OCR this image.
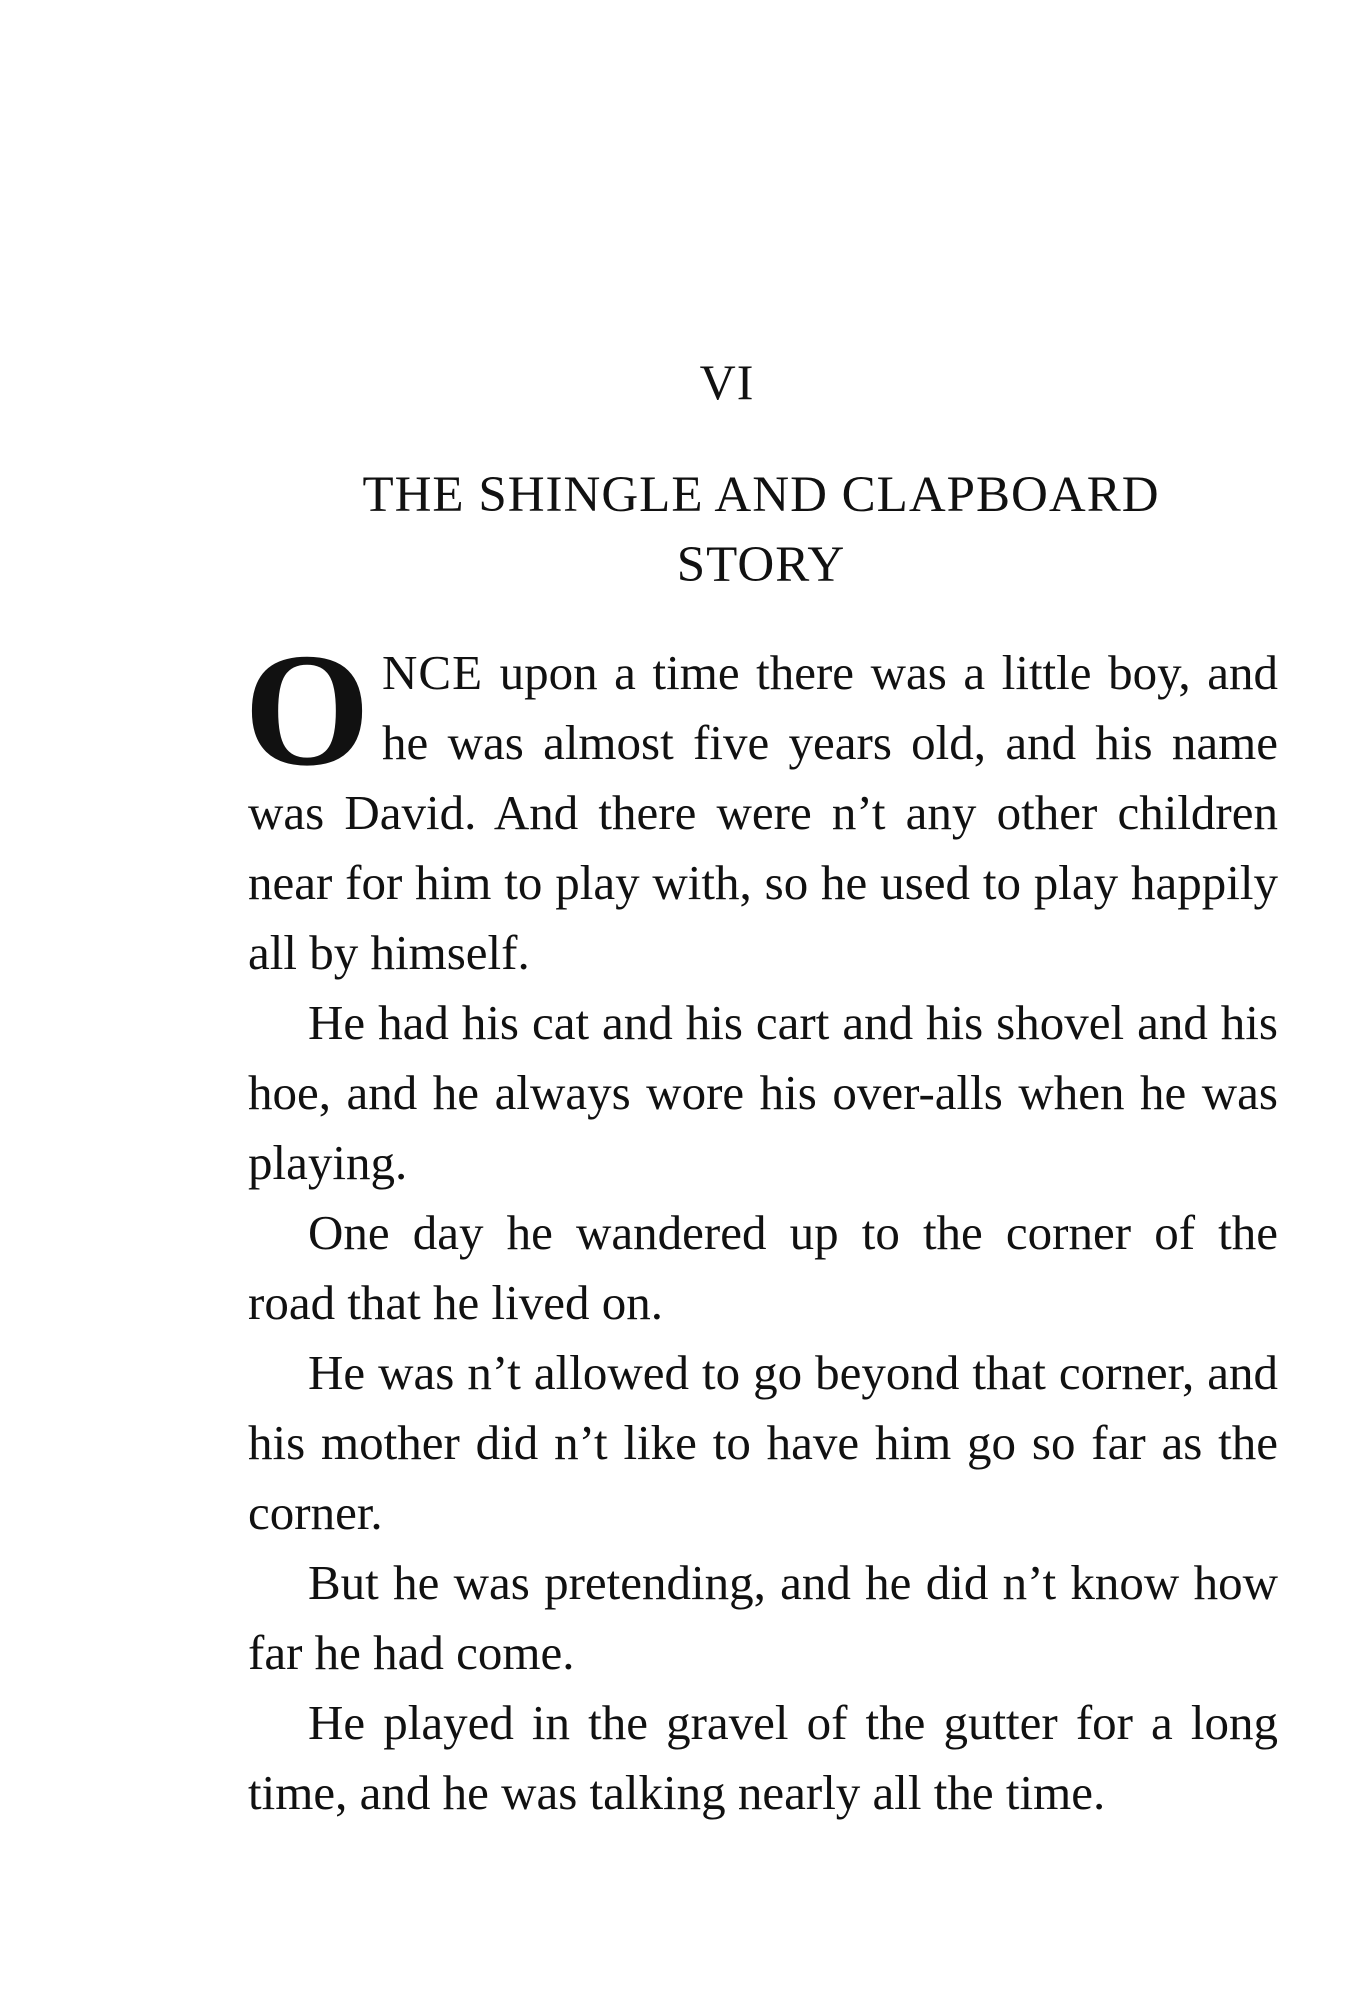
VI
THE SHINGLE AND CLAPBOARD
STORY

ONCE upon a time there was a little boy, and he was almost five years old, and his name was David. And there were n’t any other children near for him to play with, so he used to play happily all by himself.

He had his cat and his cart and his shovel and his hoe, and he always wore his over-alls when he was playing.

One day he wandered up to the corner of the road that he lived on.

He was n’t allowed to go beyond that corner, and his mother did n’t like to have him go so far as the corner.

But he was pretending, and he did n’t know how far he had come.

He played in the gravel of the gutter for a long time, and he was talking nearly all the time.
